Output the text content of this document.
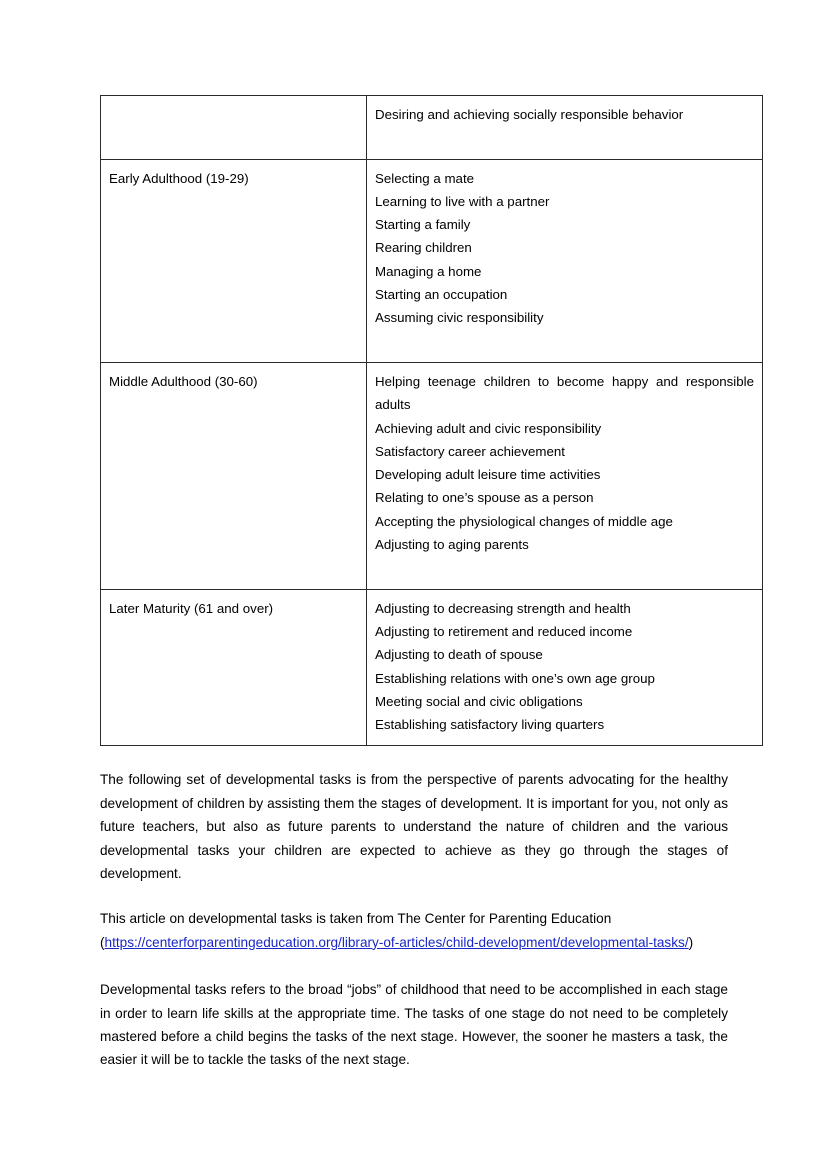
	Desiring and achieving socially responsible behavior

Early Adulthood (19-29)	Selecting a mate
Learning to live with a partner
Starting a family
Rearing children
Managing a home
Starting an occupation
Assuming civic responsibility

Middle Adulthood (30-60)	Helping teenage children to become happy and responsible adults
Achieving adult and civic responsibility
Satisfactory career achievement
Developing adult leisure time activities
Relating to one’s spouse as a person
Accepting the physiological changes of middle age
Adjusting to aging parents

Later Maturity (61 and over)	Adjusting to decreasing strength and health
Adjusting to retirement and reduced income
Adjusting to death of spouse
Establishing relations with one’s own age group
Meeting social and civic obligations
Establishing satisfactory living quarters

The following set of developmental tasks is from the perspective of parents advocating for the healthy development of children by assisting them the stages of development. It is important for you, not only as future teachers, but also as future parents to understand the nature of children and the various developmental tasks your children are expected to achieve as they go through the stages of development.

This article on developmental tasks is taken from The Center for Parenting Education (https://centerforparentingeducation.org/library-of-articles/child-development/developmental-tasks/)

Developmental tasks refers to the broad “jobs” of childhood that need to be accomplished in each stage in order to learn life skills at the appropriate time. The tasks of one stage do not need to be completely mastered before a child begins the tasks of the next stage. However, the sooner he masters a task, the easier it will be to tackle the tasks of the next stage.
